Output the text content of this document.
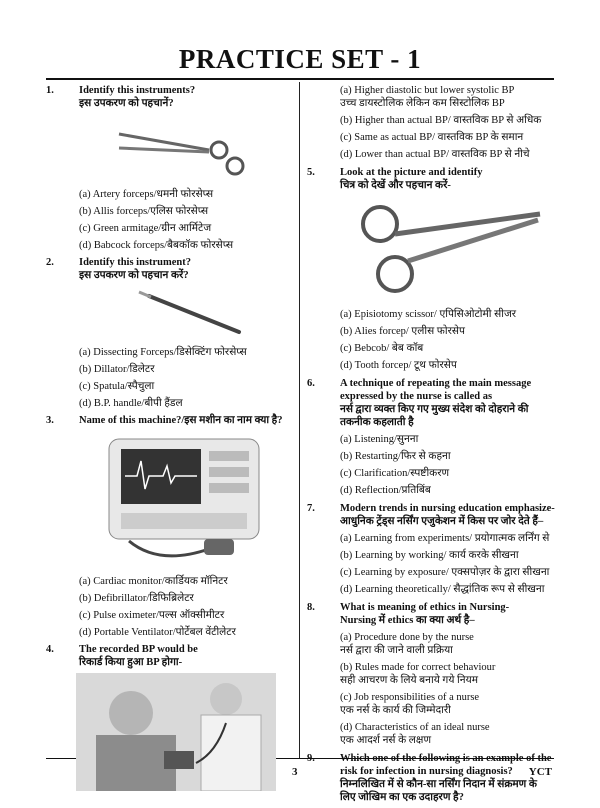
PRACTICE SET - 1
1. Identify this instruments?
इस उपकरण को पहचानें?
(a) Artery forceps/धमनी फोरसेप्स
(b) Allis forceps/एलिस फोरसेप्स
(c) Green armitage/ग्रीन आर्मिटेज
(d) Babcock forceps/बैबकॉक फोरसेप्स
2. Identify this instrument?
इस उपकरण को पहचान करें?
(a) Dissecting Forceps/डिसेक्टिंग फोरसेप्स
(b) Dillator/डिलेटर
(c) Spatula/स्पैचुला
(d) B.P. handle/बीपी हैंडल
3. Name of this machine?/इस मशीन का नाम क्या है?
(a) Cardiac monitor/कार्डियक मॉनिटर
(b) Defibrillator/डिफिब्रिलेटर
(c) Pulse oximeter/पल्स ऑक्सीमीटर
(d) Portable Ventilator/पोर्टेबल वेंटीलेटर
4. The recorded BP would be
रिकार्ड किया हुआ BP होगा-
(a) Higher diastolic but lower systolic BP
उच्च डायस्टोलिक लेकिन कम सिस्टोलिक BP
(b) Higher than actual BP/ वास्तविक BP से अधिक
(c) Same as actual BP/ वास्तविक BP के समान
(d) Lower than actual BP/ वास्तविक BP से नीचे
5. Look at the picture and identify
चित्र को देखें और पहचान करें-
(a) Episiotomy scissor/ एपिसिओटोमी सीजर
(b) Alies forcep/ एलीस फोरसेप
(c) Bebcob/ बेब कॉब
(d) Tooth forcep/ टूथ फोरसेप
6. A technique of repeating the main message expressed by the nurse is called as
नर्स द्वारा व्यक्त किए गए मुख्य संदेश को दोहराने की तकनीक कहलाती है
(a) Listening/सुनना
(b) Restarting/फिर से कहना
(c) Clarification/स्पष्टीकरण
(d) Reflection/प्रतिबिंब
7. Modern trends in nursing education emphasize-
आधुनिक ट्रेंड्स नर्सिंग एजुकेशन में किस पर जोर देते हैं–
(a) Learning from experiments/ प्रयोगात्मक लर्निंग से
(b) Learning by working/ कार्य करके सीखना
(c) Learning by exposure/ एक्सपोज़र के द्वारा सीखना
(d) Learning theoretically/ सैद्धांतिक रूप से सीखना
8. What is meaning of ethics in Nursing-
Nursing में ethics का क्या अर्थ है–
(a) Procedure done by the nurse
नर्स द्वारा की जाने वाली प्रक्रिया
(b) Rules made for correct behaviour
सही आचरण के लिये बनाये गये नियम
(c) Job responsibilities of a nurse
एक नर्स के कार्य की जिम्मेदारी
(d) Characteristics of an ideal nurse
एक आदर्श नर्स के लक्षण
9. Which one of the following is an example of the risk for infection in nursing diagnosis?
निम्नलिखित में से कौन-सा नर्सिंग निदान में संक्रमण के लिए जोखिम का एक उदाहरण है?
3	YCT
